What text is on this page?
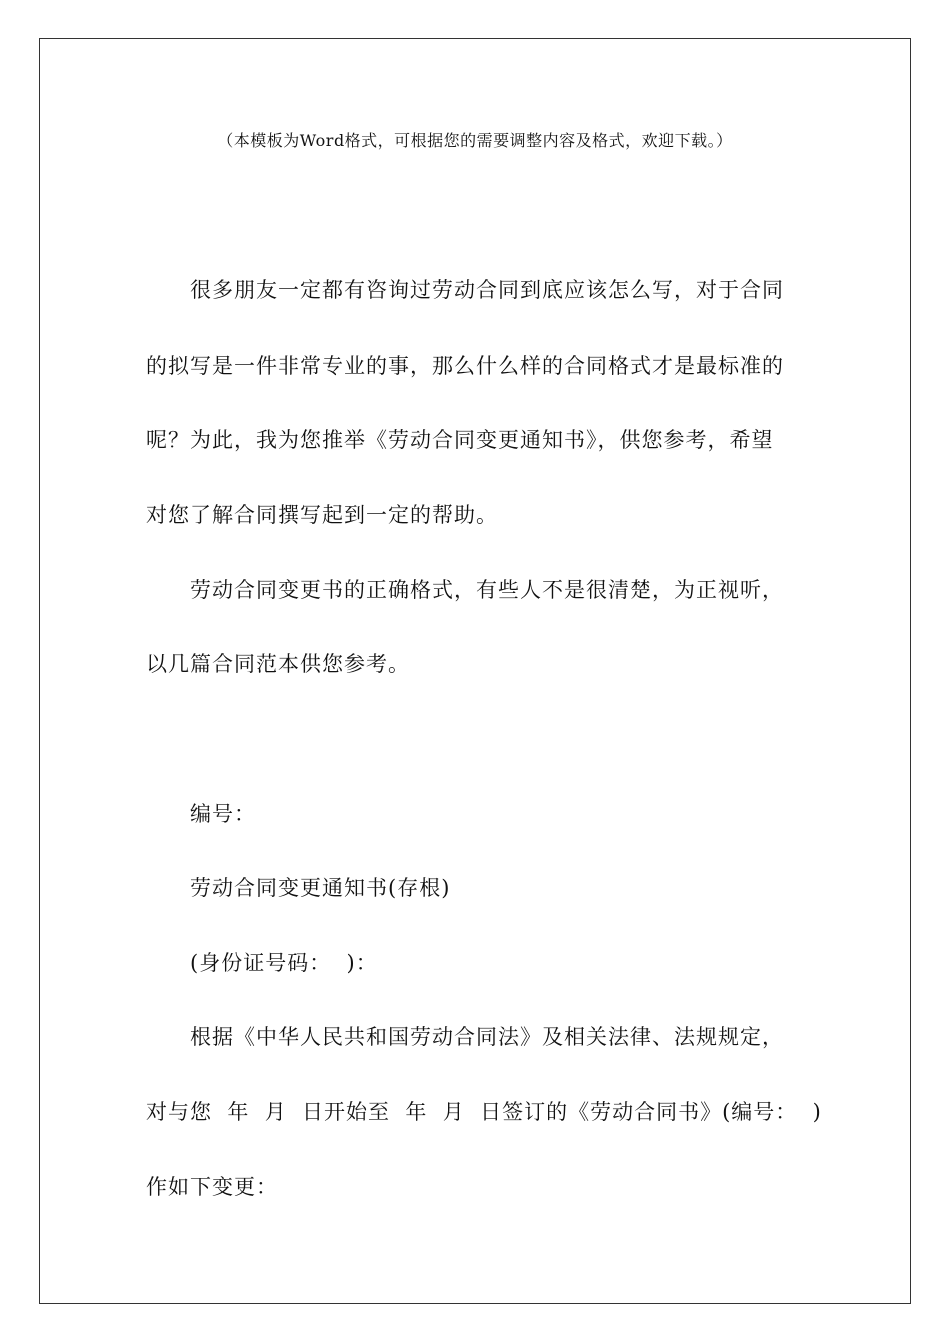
（本模板为Word格式，可根据您的需要调整内容及格式，欢迎下载。）
很多朋友一定都有咨询过劳动合同到底应该怎么写，对于合同
的拟写是一件非常专业的事，那么什么样的合同格式才是最标准的
呢？为此，我为您推举《劳动合同变更通知书》，供您参考，希望
对您了解合同撰写起到一定的帮助。
劳动合同变更书的正确格式，有些人不是很清楚，为正视听，
以几篇合同范本供您参考。
编号：
劳动合同变更通知书(存根)
(身份证号码：  )：
根据《中华人民共和国劳动合同法》及相关法律、法规规定，
对与您  年  月  日开始至  年  月  日签订的《劳动合同书》(编号：  )
作如下变更：
